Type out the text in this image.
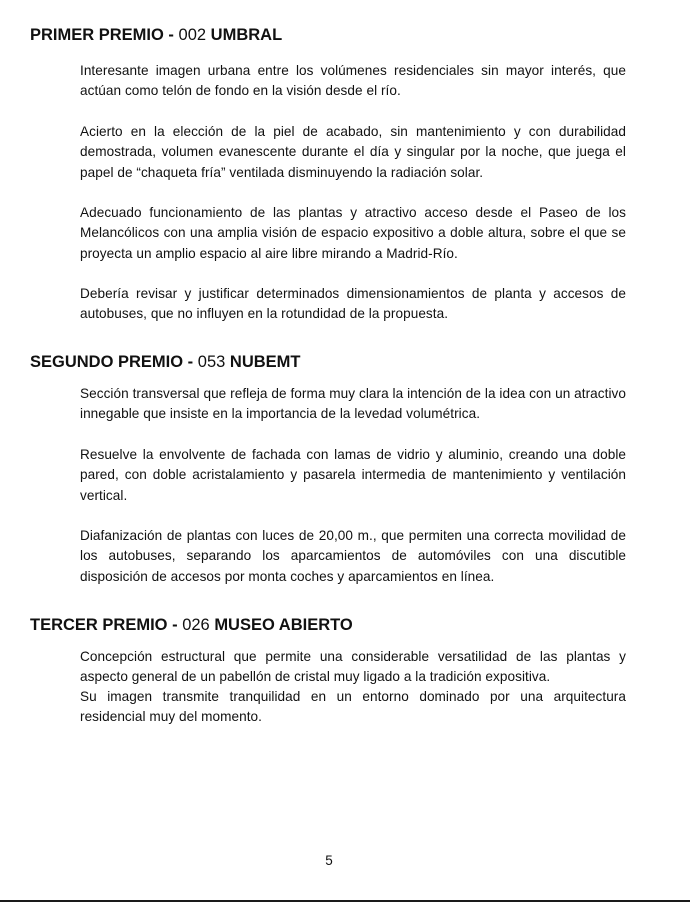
PRIMER PREMIO - 002 UMBRAL

Interesante imagen urbana entre los volúmenes residenciales sin mayor interés, que actúan como telón de fondo en la visión desde el río.

Acierto en la elección de la piel de acabado, sin mantenimiento y con durabilidad demostrada, volumen evanescente durante el día y singular por la noche, que juega el papel de “chaqueta fría” ventilada disminuyendo la radiación solar.

Adecuado funcionamiento de las plantas y atractivo acceso desde el Paseo de los Melancólicos con una amplia visión de espacio expositivo a doble altura, sobre el que se proyecta un amplio espacio al aire libre mirando a Madrid-Río.

Debería revisar y justificar determinados dimensionamientos de planta y accesos de autobuses, que no influyen en la rotundidad de la propuesta.

SEGUNDO PREMIO - 053 NUBEMT

Sección transversal que refleja de forma muy clara la intención de la idea con un atractivo innegable que insiste en la importancia de la levedad volumétrica.

Resuelve la envolvente de fachada con lamas de vidrio y aluminio, creando una doble pared, con doble acristalamiento y pasarela intermedia de mantenimiento y ventilación vertical.

Diafanización de plantas con luces de 20,00 m., que permiten una correcta movilidad de los autobuses, separando los aparcamientos de automóviles con una discutible disposición de accesos por monta coches y aparcamientos en línea.

TERCER PREMIO - 026 MUSEO ABIERTO

Concepción estructural que permite una considerable versatilidad de las plantas y aspecto general de un pabellón de cristal muy ligado a la tradición expositiva.

Su imagen transmite tranquilidad en un entorno dominado por una arquitectura residencial muy del momento.

5
